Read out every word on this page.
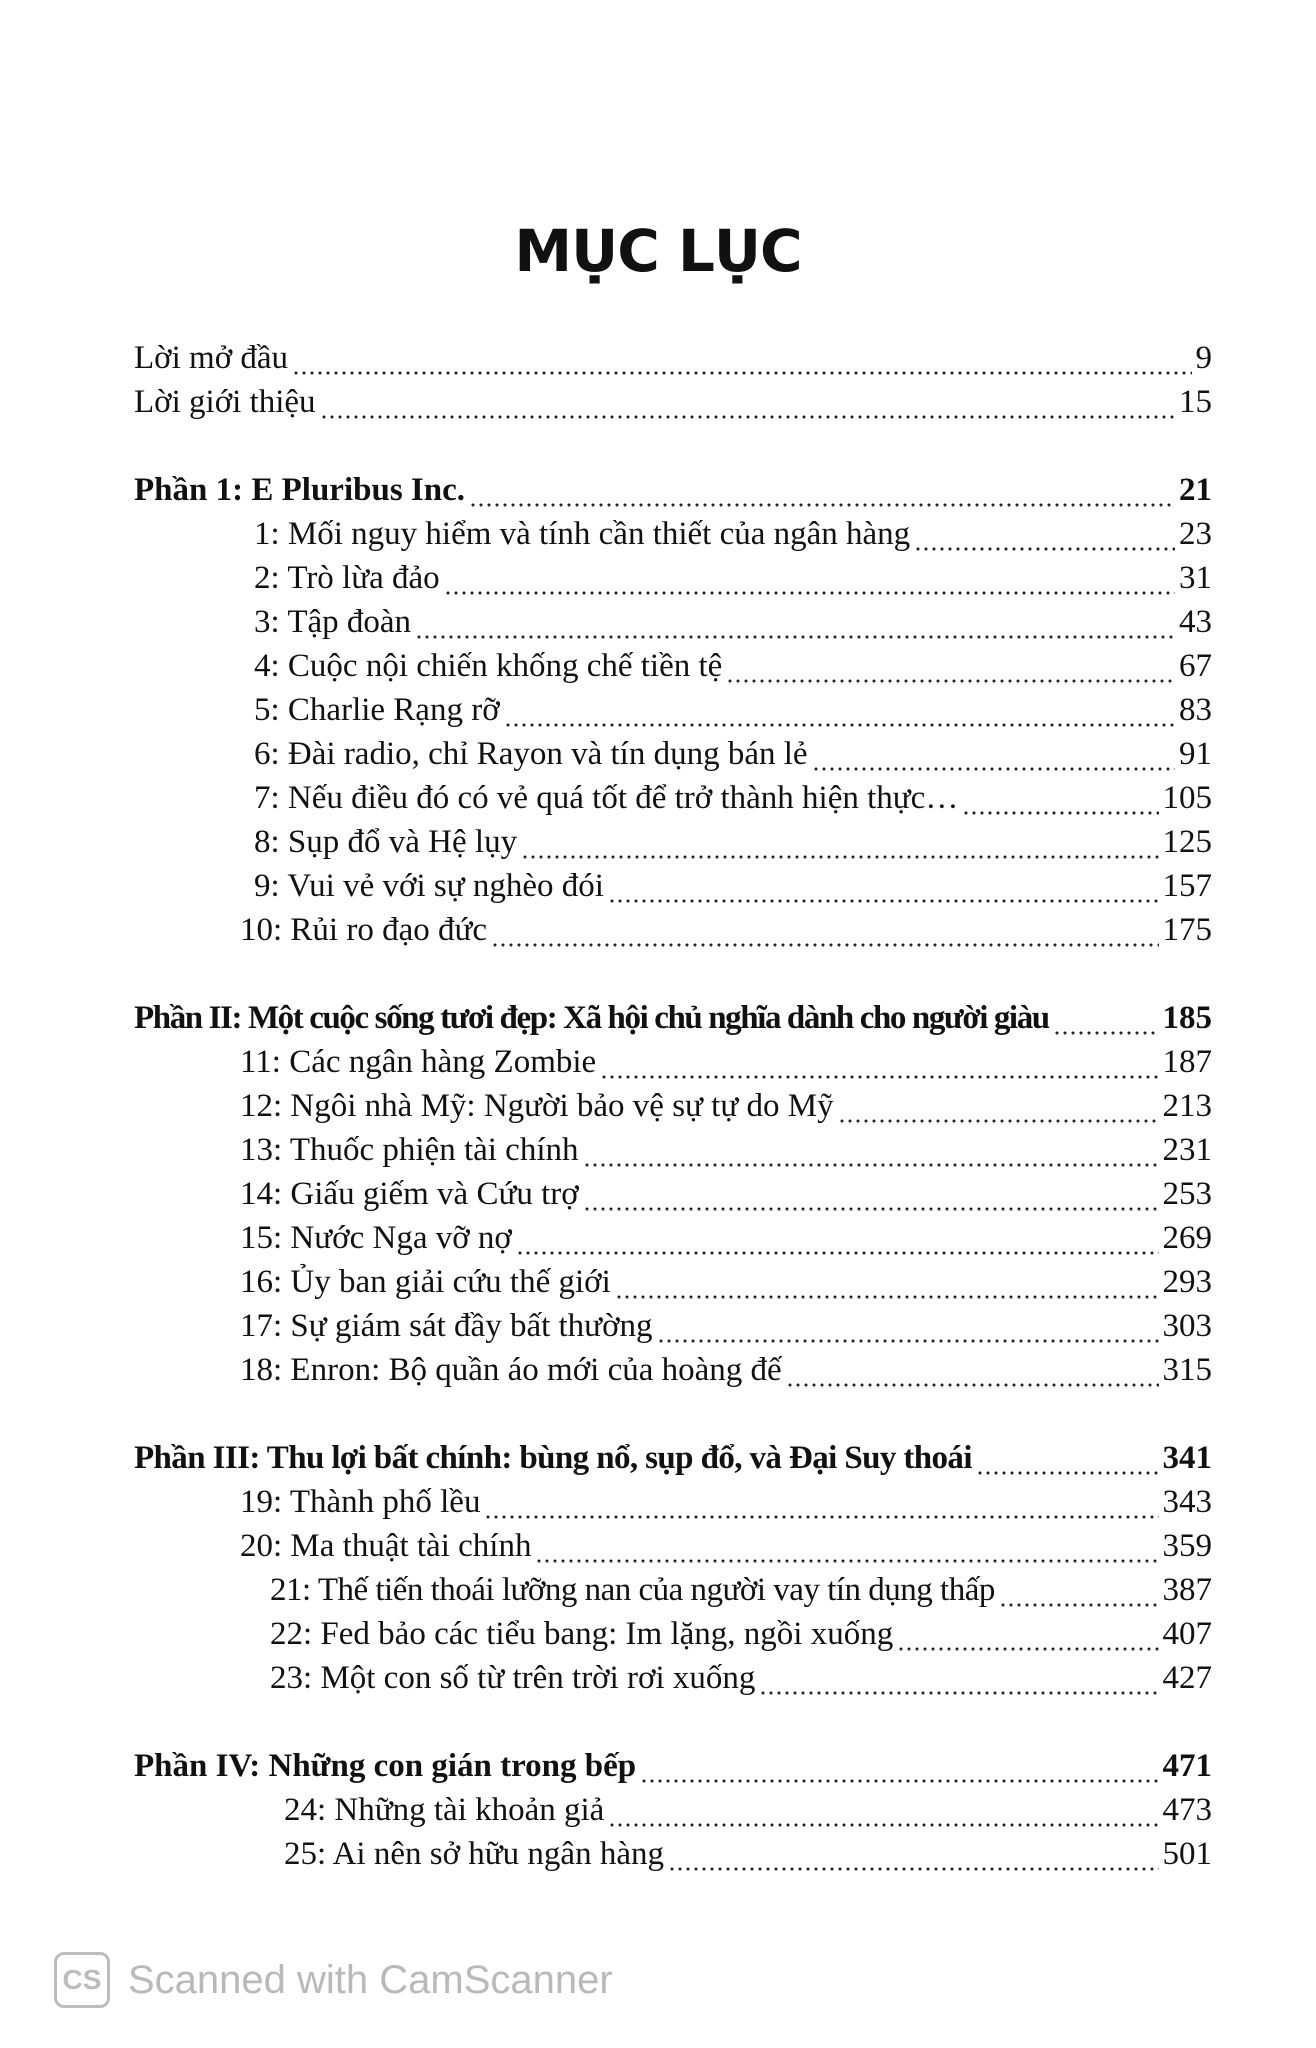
MỤC LỤC
Lời mở đầu	9
Lời giới thiệu	15
Phần 1: E Pluribus Inc.	21
1: Mối nguy hiểm và tính cần thiết của ngân hàng	23
2: Trò lừa đảo	31
3: Tập đoàn	43
4: Cuộc nội chiến khống chế tiền tệ	67
5: Charlie Rạng rỡ	83
6: Đài radio, chỉ Rayon và tín dụng bán lẻ	91
7: Nếu điều đó có vẻ quá tốt để trở thành hiện thực…	105
8: Sụp đổ và Hệ lụy	125
9: Vui vẻ với sự nghèo đói	157
10: Rủi ro đạo đức	175
Phần II: Một cuộc sống tươi đẹp: Xã hội chủ nghĩa dành cho người giàu	185
11: Các ngân hàng Zombie	187
12: Ngôi nhà Mỹ: Người bảo vệ sự tự do Mỹ	213
13: Thuốc phiện tài chính	231
14: Giấu giếm và Cứu trợ	253
15: Nước Nga vỡ nợ	269
16: Ủy ban giải cứu thế giới	293
17: Sự giám sát đầy bất thường	303
18: Enron: Bộ quần áo mới của hoàng đế	315
Phần III: Thu lợi bất chính: bùng nổ, sụp đổ, và Đại Suy thoái	341
19: Thành phố lều	343
20: Ma thuật tài chính	359
21: Thế tiến thoái lưỡng nan của người vay tín dụng thấp	387
22: Fed bảo các tiểu bang: Im lặng, ngồi xuống	407
23: Một con số từ trên trời rơi xuống	427
Phần IV: Những con gián trong bếp	471
24: Những tài khoản giả	473
25: Ai nên sở hữu ngân hàng	501
CS Scanned with CamScanner
